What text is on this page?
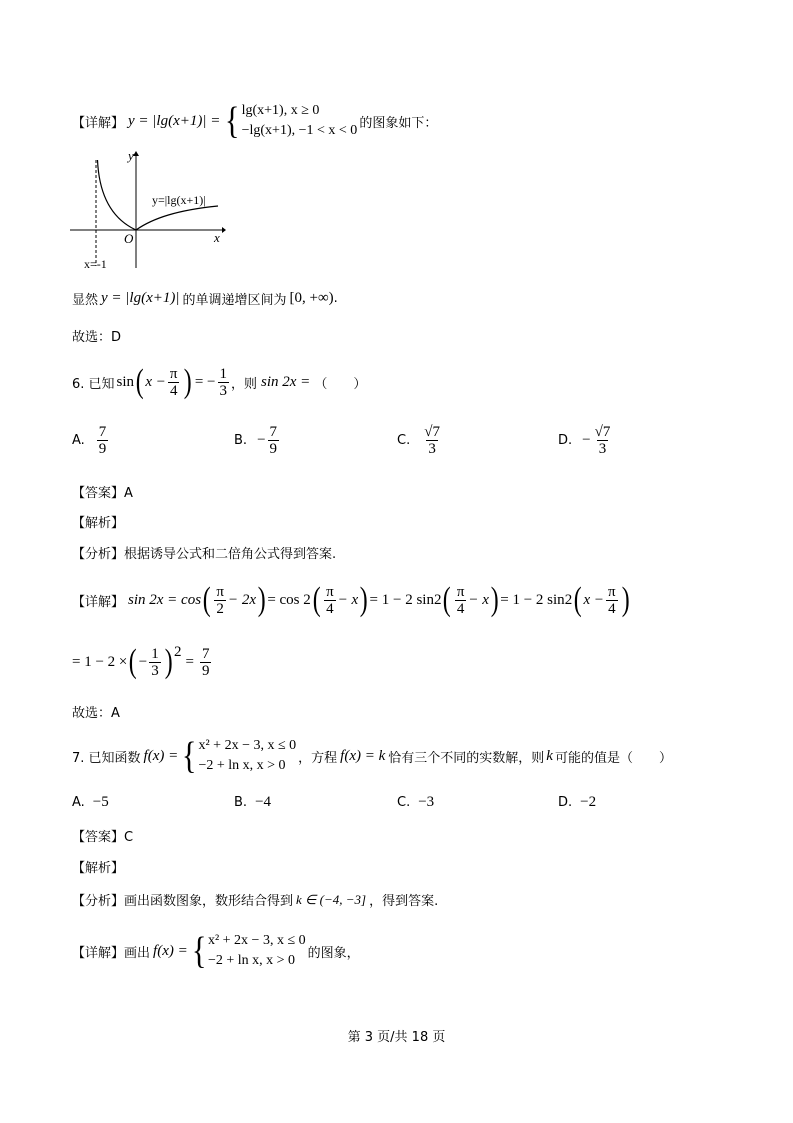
【详解】 y = |lg(x+1)| = { lg(x+1), x ≥ 0
−lg(x+1), −1 < x < 0 的图象如下：
y
x
O
y=|lg(x+1)|
x=-1
显然 y = |lg(x+1)| 的单调递增区间为 [0, +∞) .
故选：D
6. 已知 sin ( $x - \frac{\pi}{4}$ ) = − $\frac{1}{3}$ ，则 sin 2x = （　　）
A. $\frac{7}{9}$	B. − $\frac{7}{9}$	C. $\frac{√7}{3}$	D. − $\frac{√7}{3}$
【答案】A
【解析】
【分析】根据诱导公式和二倍角公式得到答案.
【详解】 sin 2x = cos ( $\frac{\pi}{2} - 2x$ ) = cos 2 ( $\frac{\pi}{4} - x$ ) = 1 − 2 sin 2 ( $\frac{\pi}{4} - x$ ) = 1 − 2 sin 2 ( $x - \frac{\pi}{4}$ )
= 1 − 2 × ( − $\frac{1}{3}$ ) 2
= $\frac{7}{9}$
故选：A
7. 已知函数 f(x) = { x² + 2x − 3, x ≤ 0
−2 + ln x, x > 0 ，方程 f(x) = k 恰有三个不同的实数解，则 k 可能的值是（　　）
A. −5	B. −4	C. −3	D. −2
【答案】C
【解析】
【分析】 画出函数图象，数形结合得到 k ∈ (−4, −3] ，得到答案.
【详解】 画出 f(x) = { x² + 2x − 3, x ≤ 0
−2 + ln x, x > 0 的图象，
第 3 页/共 18 页
